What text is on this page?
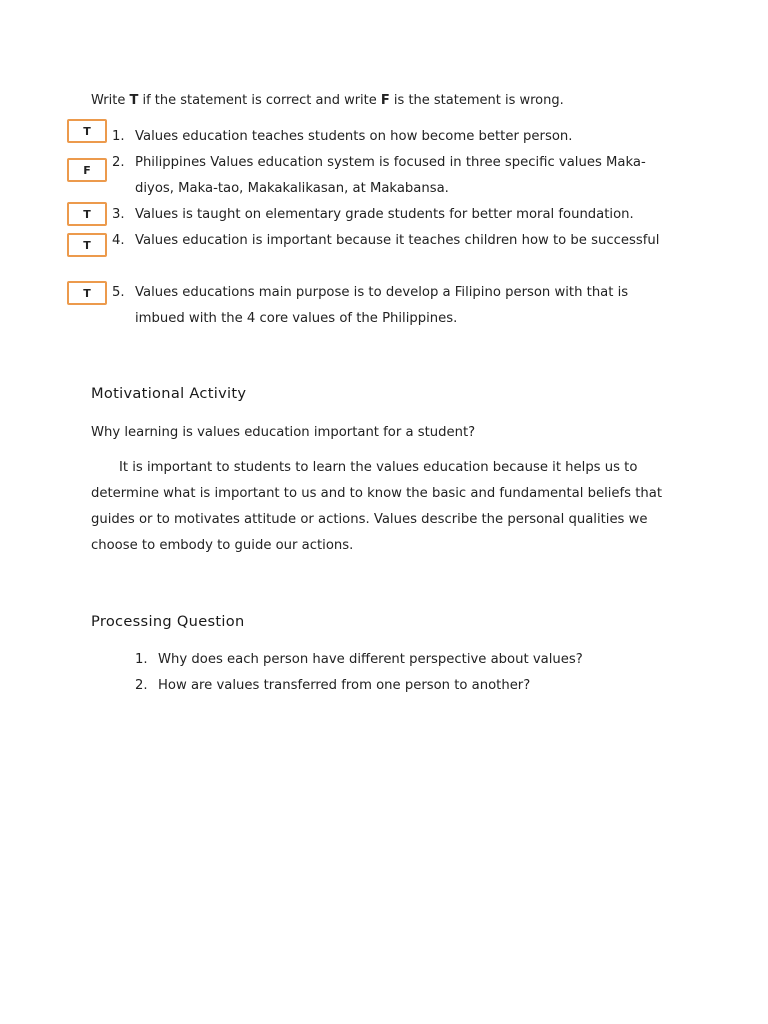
Write T if the statement is correct and write F is the statement is wrong.
T
F
T
T
T
1. Values education teaches students on how become better person.
2. Philippines Values education system is focused in three specific values Maka-diyos, Maka-tao, Makakalikasan, at Makabansa.
3. Values is taught on elementary grade students for better moral foundation.
4. Values education is important because it teaches children how to be successful
5. Values educations main purpose is to develop a Filipino person with that is imbued with the 4 core values of the Philippines.
Motivational Activity
Why learning is values education important for a student?
It is important to students to learn the values education because it helps us to determine what is important to us and to know the basic and fundamental beliefs that guides or to motivates attitude or actions. Values describe the personal qualities we choose to embody to guide our actions.
Processing Question
1. Why does each person have different perspective about values?
2. How are values transferred from one person to another?
